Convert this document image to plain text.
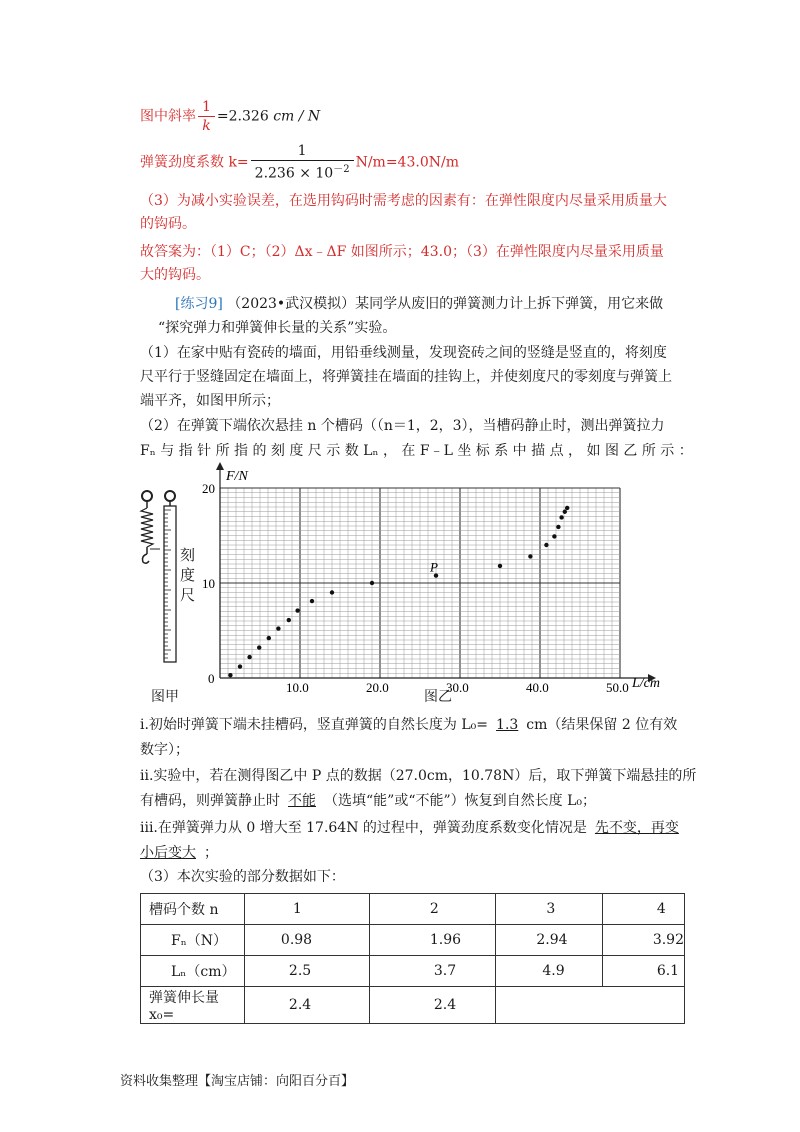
图中斜率 $\frac{1}{k} =2.326$ cm / N
弹簧劲度系数 $k= \frac{1}{2.236 \times 10^{-2}} N/m=43.0N/m$
（3）为减小实验误差，在选用钩码时需考虑的因素有：在弹性限度内尽量采用质量大
的钩码。
故答案为：（1）C；（2）Δx﹣ΔF 如图所示；43.0；（3）在弹性限度内尽量采用质量
大的钩码。
[练习9] （2023•武汉模拟）某同学从废旧的弹簧测力计上拆下弹簧，用它来做
“探究弹力和弹簧伸长量的关系”实验。
（1）在家中贴有瓷砖的墙面，用铅垂线测量，发现瓷砖之间的竖缝是竖直的，将刻度
尺平行于竖缝固定在墙面上，将弹簧挂在墙面的挂钩上，并使刻度尺的零刻度与弹簧上
端平齐，如图甲所示；
（2）在弹簧下端依次悬挂 n 个槽码（（n＝1，2，3），当槽码静止时，测出弹簧拉力
Fₙ 与 指 针 所 指 的 刻 度 尺 示 数 Lₙ ， 在 F﹣L 坐 标 系 中 描 点 ， 如 图 乙 所 示 ：
刻
度
尺
图甲
10.0	20.0	30.0	40.0	50.0
0
10
20
F/N
L/cm
P
图乙
i.初始时弹簧下端未挂槽码，竖直弹簧的自然长度为 L₀= 1.3 cm（结果保留 2 位有效
数字）；
ii.实验中，若在测得图乙中 P 点的数据（27.0cm，10.78N）后，取下弹簧下端悬挂的所
有槽码，则弹簧静止时 不能 （选填“能”或“不能”）恢复到自然长度 L₀；
iii.在弹簧弹力从 0 增大至 17.64N 的过程中，弹簧劲度系数变化情况是 先不变，再变
小后变大 ；
（3）本次实验的部分数据如下：
槽码个数 n	1	2	3	4
Fₙ（N）	0.98	1.96	2.94	3.92
Lₙ（cm）	2.5	3.7	4.9	6.1
弹簧伸长量 x₀=	2.4	2.4		
资料收集整理【淘宝店铺：向阳百分百】
